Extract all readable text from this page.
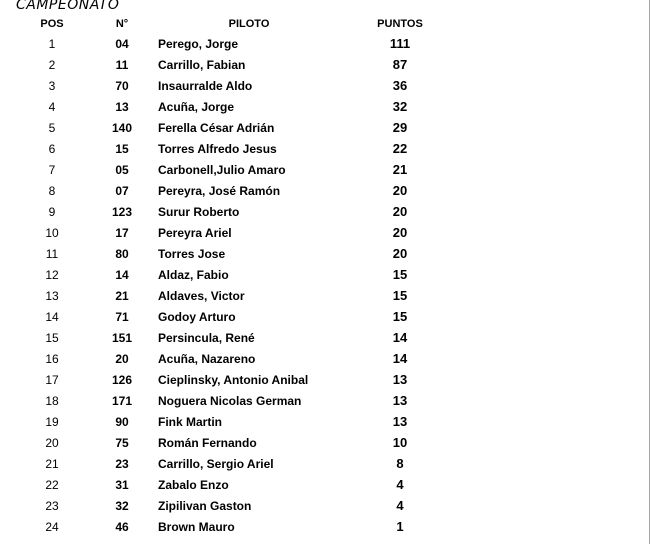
CAMPEONATO
POS	N°	PILOTO	PUNTOS
1	04	Perego, Jorge	111
2	11	Carrillo, Fabian	87
3	70	Insaurralde Aldo	36
4	13	Acuña, Jorge	32
5	140	Ferella César Adrián	29
6	15	Torres Alfredo Jesus	22
7	05	Carbonell,Julio Amaro	21
8	07	Pereyra, José Ramón	20
9	123	Surur Roberto	20
10	17	Pereyra Ariel	20
11	80	Torres Jose	20
12	14	Aldaz, Fabio	15
13	21	Aldaves, Victor	15
14	71	Godoy Arturo	15
15	151	Persincula, René	14
16	20	Acuña, Nazareno	14
17	126	Cieplinsky, Antonio Anibal	13
18	171	Noguera Nicolas German	13
19	90	Fink Martin	13
20	75	Román Fernando	10
21	23	Carrillo, Sergio Ariel	8
22	31	Zabalo Enzo	4
23	32	Zipilivan Gaston	4
24	46	Brown Mauro	1
